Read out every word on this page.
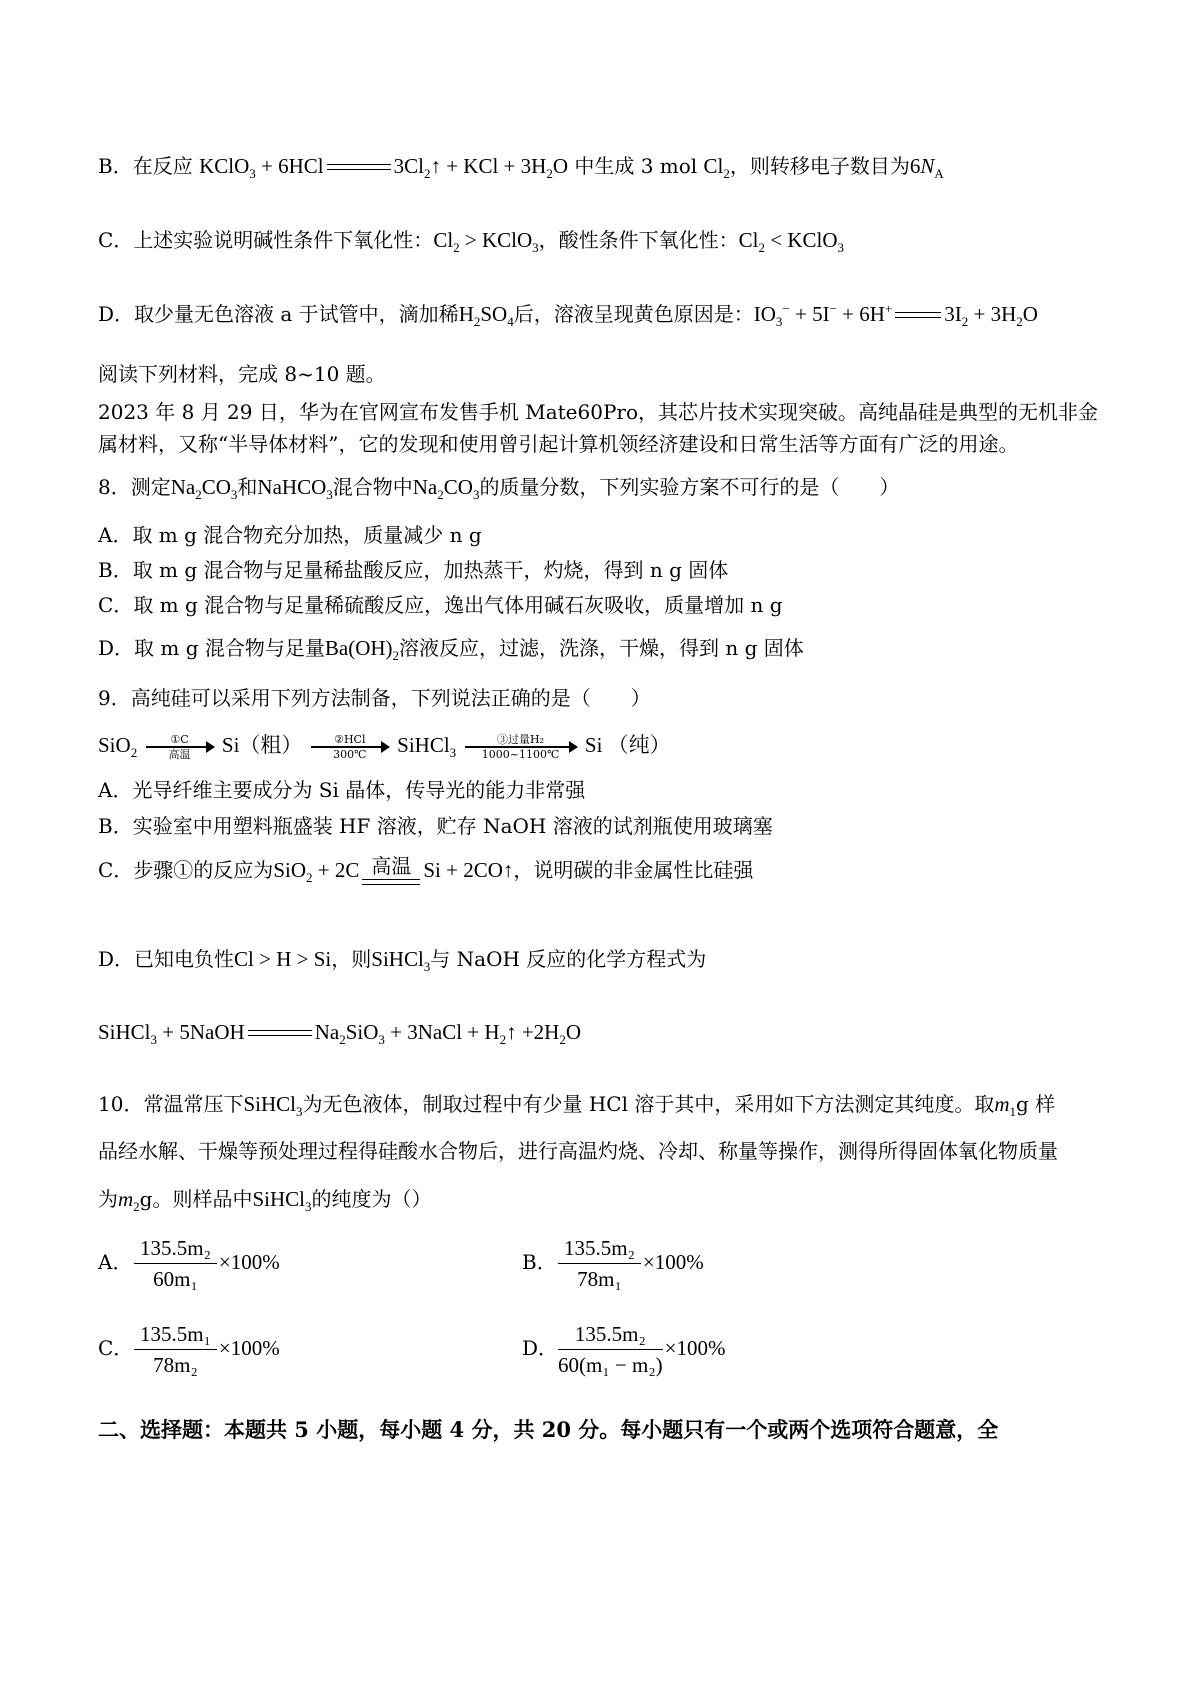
B．在反应 KClO$_3$ + 6HCl	$3Cl_2↑$ + KCl + $3H_2O$ 中生成 3 mol $Cl_2$，则转移电子数目为$6N_A$
C．上述实验说明碱性条件下氧化性：$Cl_2$ > KClO$_3$，酸性条件下氧化性：$Cl_2$ < KClO$_3$
D．取少量无色溶液 a 于试管中，滴加稀$H_2SO_4$后，溶液呈现黄色原因是：$IO_3^- + 5I^- + 6H^+$ $3I_2 + 3H_2O$
阅读下列材料，完成 8~10 题。
2023 年 8 月 29 日，华为在官网宣布发售手机 Mate60Pro，其芯片技术实现突破。高纯晶硅是典型的无机非金
属材料，又称“半导体材料”，它的发现和使用曾引起计算机领经济建设和日常生活等方面有广泛的用途。
8．测定$Na_2CO_3$和NaHCO$_3$混合物中$Na_2CO_3$的质量分数，下列实验方案不可行的是（　　）
A．取 m g 混合物充分加热，质量减少 n g
B．取 m g 混合物与足量稀盐酸反应，加热蒸干，灼烧，得到 n g 固体
C．取 m g 混合物与足量稀硫酸反应，逸出气体用碱石灰吸收，质量增加 n g
D．取 m g 混合物与足量$Ba(OH)_2$溶液反应，过滤，洗涤，干燥，得到 n g 固体
9．高纯硅可以采用下列方法制备，下列说法正确的是（　　）
SiO$_2$
①C
高温	Si（粗）	②HCl
300℃	SiHCl$_3$
③过量H₂
1000~1100℃	Si （纯）
A．光导纤维主要成分为 Si 晶体，传导光的能力非常强
B．实验室中用塑料瓶盛装 HF 溶液，贮存 NaOH 溶液的试剂瓶使用玻璃塞
C．步骤①的反应为SiO$_2$ + 2C 高温 Si + 2CO↑，说明碳的非金属性比硅强
D．已知电负性Cl > H > Si，则SiHCl$_3$与 NaOH 反应的化学方程式为
SiHCl$_3$ + 5NaOH	$Na_2SiO_3$ + 3NaCl + $H_2↑ +2H_2O$
10．常温常压下SiHCl$_3$为无色液体，制取过程中有少量 HCl 溶于其中，采用如下方法测定其纯度。取$m_1g$ 样
品经水解、干燥等预处理过程得硅酸水合物后，进行高温灼烧、冷却、称量等操作，测得所得固体氧化物质量
为$m_2g$。则样品中SiHCl$_3$的纯度为（）
A． $\frac{\text{135.5m₂}}{\text{60m₁}} \times 100\%$	B． $\frac{\text{135.5m₂}}{\text{78m₁}} \times 100\%$
C． $\frac{\text{135.5m₁}}{\text{78m₂}} \times 100\%$	D． $\frac{\text{135.5m₂}}{\text{60(m₁ − m₂)}} \times 100\%$
二、选择题：本题共 5 小题，每小题 4 分，共 20 分。每小题只有一个或两个选项符合题意，全
